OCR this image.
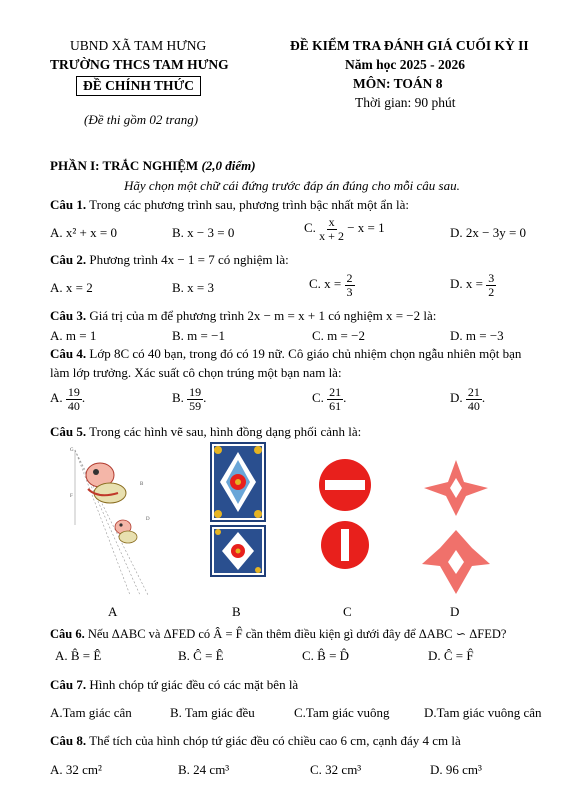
UBND XÃ TAM HƯNG
TRƯỜNG THCS TAM HƯNG
ĐỀ CHÍNH THỨC
(Đề thi gồm 02 trang)
ĐỀ KIỂM TRA ĐÁNH GIÁ CUỐI KỲ II
Năm học 2025 - 2026
MÔN: TOÁN 8
Thời gian: 90 phút
PHẦN I: TRẮC NGHIỆM (2,0 điểm)
Hãy chọn một chữ cái đứng trước đáp án đúng cho mỗi câu sau.
Câu 1. Trong các phương trình sau, phương trình bậc nhất một ẩn là:
A. x² + x = 0	B. x − 3 = 0	C. $\frac{x}{x + 2} - x = 1$	D. 2x − 3y = 0
Câu 2. Phương trình 4x − 1 = 7 có nghiệm là:
A. x = 2	B. x = 3	C. $x = \frac{2}{3}$	D. $x = \frac{3}{2}$
Câu 3. Giá trị của m để phương trình 2x − m = x + 1 có nghiệm x = −2 là:
A. m = 1	B. m = −1	C. m = −2	D. m = −3
Câu 4. Lớp 8C có 40 bạn, trong đó có 19 nữ. Cô giáo chủ nhiệm chọn ngẫu nhiên một bạn
làm lớp trưởng. Xác suất cô chọn trúng một bạn nam là:
A. $\frac{19}{40}$ .	B. $\frac{19}{59}$ .	C. $\frac{21}{61}$ .	D. $\frac{21}{40}$ .
Câu 5. Trong các hình vẽ sau, hình đồng dạng phối cảnh là:
G
F
B
D
A	B	C	D
Câu 6. Nếu ΔABC và ΔFED có Â = F̂ cần thêm điều kiện gì dưới đây để ΔABC ∽ ΔFED?
A. B̂ = Ê	B. Ĉ = Ê	C. B̂ = D̂	D. Ĉ = F̂
Câu 7. Hình chóp tứ giác đều có các mặt bên là
A.Tam giác cân	B. Tam giác đều	C.Tam giác vuông	D.Tam giác vuông cân
Câu 8. Thể tích của hình chóp tứ giác đều có chiều cao 6 cm, cạnh đáy 4 cm là
A. 32 cm²	B. 24 cm³	C. 32 cm³	D. 96 cm³
